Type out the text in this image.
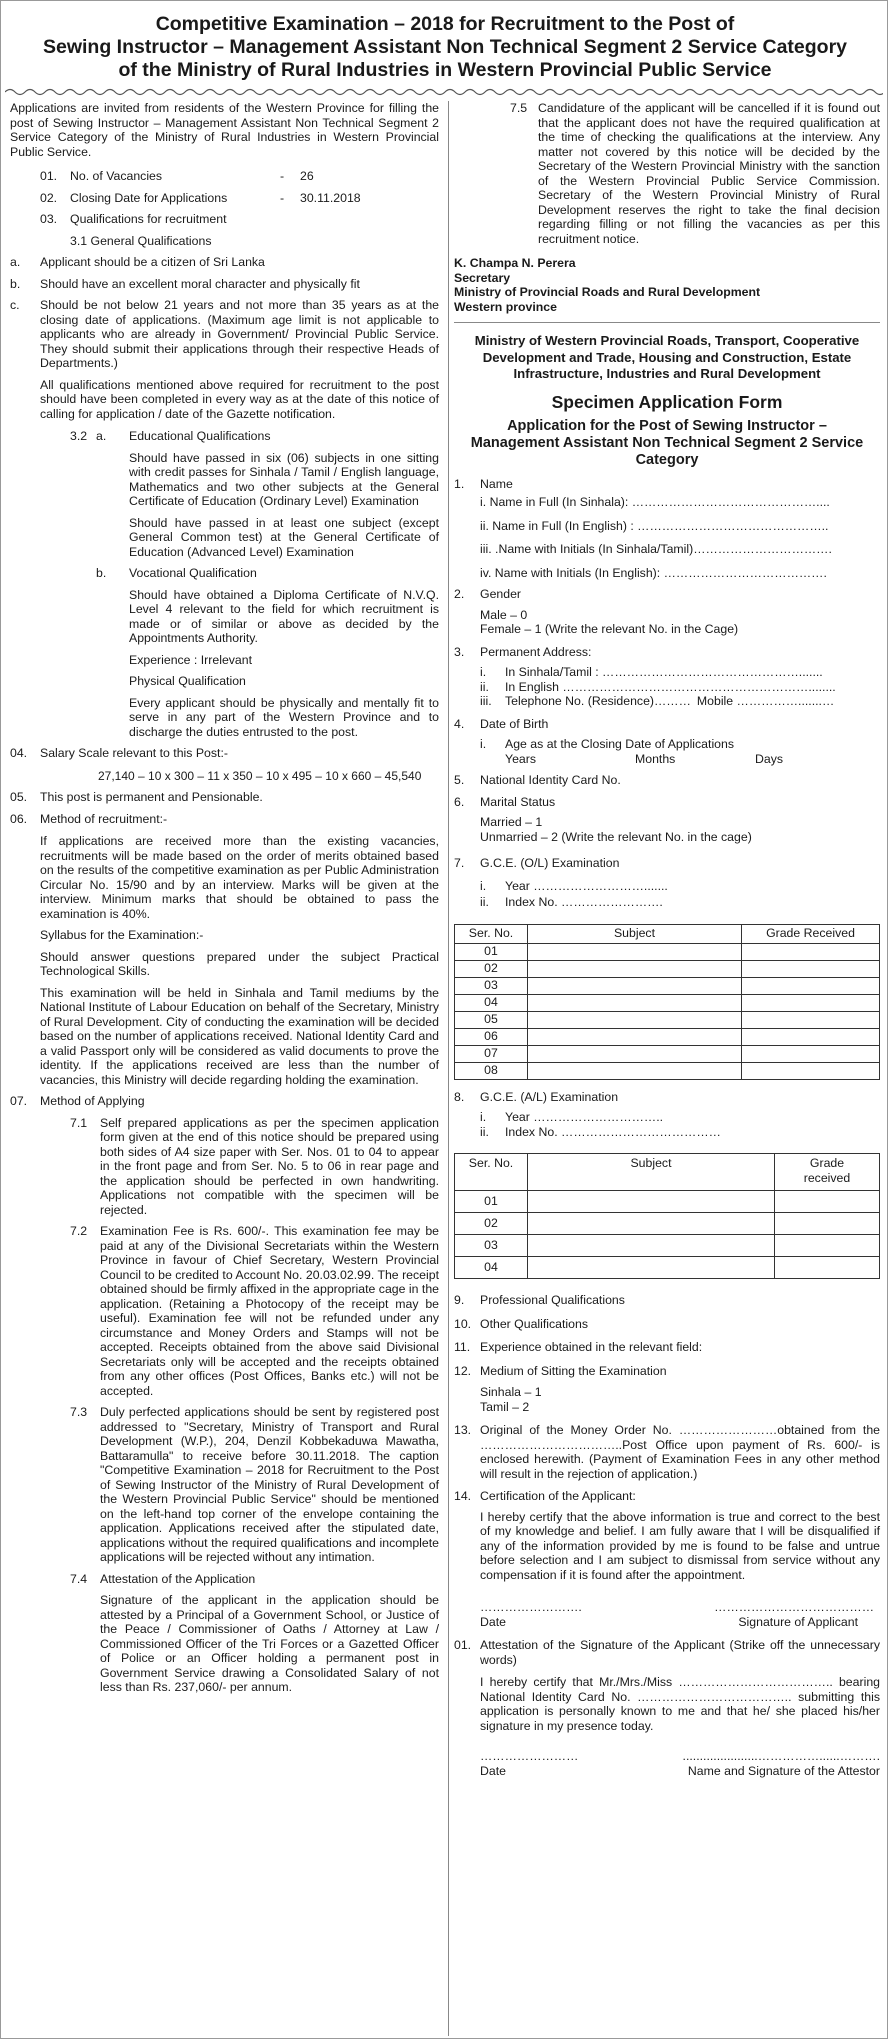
Competitive Examination – 2018 for Recruitment to the Post of
Sewing Instructor – Management Assistant Non Technical Segment 2 Service Category
of the Ministry of Rural Industries in Western Provincial Public Service

Applications are invited from residents of the Western Province for filling the post of Sewing Instructor – Management Assistant Non Technical Segment 2 Service Category of the Ministry of Rural Industries in Western Provincial Public Service.

01.	No. of Vacancies	-	26
02.	Closing Date for Applications	-	30.11.2018
03.	Qualifications for recruitment

3.1 General Qualifications

a.	Applicant should be a citizen of Sri Lanka
b.	Should have an excellent moral character and physically fit
c.	Should be not below 21 years and not more than 35 years as at the closing date of applications. (Maximum age limit is not applicable to applicants who are already in Government/ Provincial Public Service. They should submit their applications through their respective Heads of Departments.)

All qualifications mentioned above required for recruitment to the post should have been completed in every way as at the date of this notice of calling for application / date of the Gazette notification.

3.2 a.	Educational Qualifications

Should have passed in six (06) subjects in one sitting with credit passes for Sinhala / Tamil / English language, Mathematics and two other subjects at the General Certificate of Education (Ordinary Level) Examination

Should have passed in at least one subject (except General Common test) at the General Certificate of Education (Advanced Level) Examination

b.	Vocational Qualification

Should have obtained a Diploma Certificate of N.V.Q. Level 4 relevant to the field for which recruitment is made or of similar or above as decided by the Appointments Authority.

Experience : Irrelevant

Physical Qualification

Every applicant should be physically and mentally fit to serve in any part of the Western Province and to discharge the duties entrusted to the post.

04.	Salary Scale relevant to this Post:-

27,140 – 10 x 300 – 11 x 350 – 10 x 495 – 10 x 660 – 45,540

05.	This post is permanent and Pensionable.
06.	Method of recruitment:-

If applications are received more than the existing vacancies, recruitments will be made based on the order of merits obtained based on the results of the competitive examination as per Public Administration Circular No. 15/90 and by an interview. Marks will be given at the interview. Minimum marks that should be obtained to pass the examination is 40%.

Syllabus for the Examination:-

Should answer questions prepared under the subject Practical Technological Skills.

This examination will be held in Sinhala and Tamil mediums by the National Institute of Labour Education on behalf of the Secretary, Ministry of Rural Development. City of conducting the examination will be decided based on the number of applications received. National Identity Card and a valid Passport only will be considered as valid documents to prove the identity. If the applications received are less than the number of vacancies, this Ministry will decide regarding holding the examination.

07.	Method of Applying
7.1	Self prepared applications as per the specimen application form given at the end of this notice should be prepared using both sides of A4 size paper with Ser. Nos. 01 to 04 to appear in the front page and from Ser. No. 5 to 06 in rear page and the application should be perfected in own handwriting. Applications not compatible with the specimen will be rejected.
7.2	Examination Fee is Rs. 600/-. This examination fee may be paid at any of the Divisional Secretariats within the Western Province in favour of Chief Secretary, Western Provincial Council to be credited to Account No. 20.03.02.99. The receipt obtained should be firmly affixed in the appropriate cage in the application. (Retaining a Photocopy of the receipt may be useful). Examination fee will not be refunded under any circumstance and Money Orders and Stamps will not be accepted. Receipts obtained from the above said Divisional Secretariats only will be accepted and the receipts obtained from any other offices (Post Offices, Banks etc.) will not be accepted.
7.3	Duly perfected applications should be sent by registered post addressed to "Secretary, Ministry of Transport and Rural Development (W.P.), 204, Denzil Kobbekaduwa Mawatha, Battaramulla" to receive before 30.11.2018. The caption "Competitive Examination – 2018 for Recruitment to the Post of Sewing Instructor of the Ministry of Rural Development of the Western Provincial Public Service" should be mentioned on the left-hand top corner of the envelope containing the application. Applications received after the stipulated date, applications without the required qualifications and incomplete applications will be rejected without any intimation.
7.4	Attestation of the Application

Signature of the applicant in the application should be attested by a Principal of a Government School, or Justice of the Peace / Commissioner of Oaths / Attorney at Law / Commissioned Officer of the Tri Forces or a Gazetted Officer of Police or an Officer holding a permanent post in Government Service drawing a Consolidated Salary of not less than Rs. 237,060/- per annum.

7.5 Candidature of the applicant will be cancelled if it is found out that the applicant does not have the required qualification at the time of checking the qualifications at the interview. Any matter not covered by this notice will be decided by the Secretary of the Western Provincial Ministry with the sanction of the Western Provincial Public Service Commission. Secretary of the Western Provincial Ministry of Rural Development reserves the right to take the final decision regarding filling or not filling the vacancies as per this recruitment notice.
K. Champa N. Perera
Secretary
Ministry of Provincial Roads and Rural Development
Western province

Ministry of Western Provincial Roads, Transport, Cooperative Development and Trade, Housing and Construction, Estate Infrastructure, Industries and Rural Development

Specimen Application Form

Application for the Post of Sewing Instructor – Management Assistant Non Technical Segment 2 Service Category

1.	Name
i. Name in Full (In Sinhala): ………………………………………....
ii. Name in Full (In English) : ………………………………………..
iii. .Name with Initials (In Sinhala/Tamil)…………………………….
iv. Name with Initials (In English): ………………………………….
2.	Gender
Male – 0
Female – 1 (Write the relevant No. in the Cage)
3.	Permanent Address:
i.	In Sinhala/Tamil : ………………………………………….......
ii.	In English ……………………………………………………........
iii.	Telephone No. (Residence)……… Mobile …………….......…
4.	Date of Birth
i.	Age as at the Closing Date of Applications
Years	Months	Days
5.	National Identity Card No.
6.	Marital Status
Married – 1
Unmarried – 2 (Write the relevant No. in the cage)
7.	G.C.E. (O/L) Examination
i.	Year ……………………….......
ii.	Index No. …………………….
Ser. No.	Subject	Grade Received
01		
02		
03		
04		
05		
06		
07		
08		
8.	G.C.E. (A/L) Examination
i.	Year …………………………..
ii.	Index No. …………………………………
Ser. No.	Subject	Grade received
01		
02		
03		
04		
9.	Professional Qualifications
10. Other Qualifications
11. Experience obtained in the relevant field:
12. Medium of Sitting the Examination
Sinhala – 1
Tamil – 2
13. Original of the Money Order No. ……………………obtained from the ……………………………..Post Office upon payment of Rs. 600/- is enclosed herewith. (Payment of Examination Fees in any other method will result in the rejection of application.)
14. Certification of the Applicant:

I hereby certify that the above information is true and correct to the best of my knowledge and belief. I am fully aware that I will be disqualified if any of the information provided by me is found to be false and untrue before selection and I am subject to dismissal from service without any compensation if it is found after the appointment.

…………………….	…………………………………
Date	Signature of Applicant
01. Attestation of the Signature of the Applicant (Strike off the unnecessary words)

I hereby certify that Mr./Mrs./Miss ……………………………….. bearing National Identity Card No. ……………………………….. submitting this application is personally known to me and that he/ she placed his/her signature in my presence today.

……………………	......................……………......……….
Date	Name and Signature of the Attestor
